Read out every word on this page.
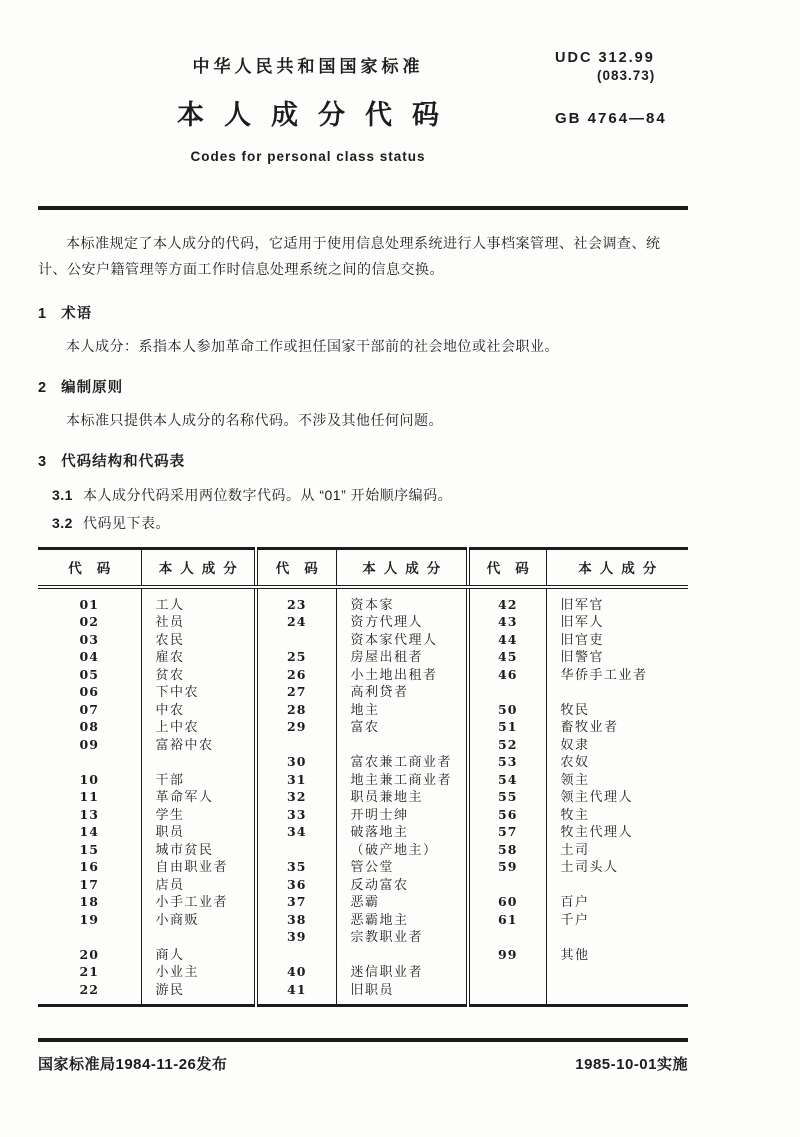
中华人民共和国国家标准
本人成分代码
Codes for personal class status
UDC 312.99
(083.73)
GB 4764—84

本标准规定了本人成分的代码，它适用于使用信息处理系统进行人事档案管理、社会调查、统计、公安户籍管理等方面工作时信息处理系统之间的信息交换。

1 术语

本人成分：系指本人参加革命工作或担任国家干部前的社会地位或社会职业。

2 编制原则

本标准只提供本人成分的名称代码。不涉及其他任何问题。

3 代码结构和代码表
3.1 本人成分代码采用两位数字代码。从 “01” 开始顺序编码。
3.2 代码见下表。
代码	本人成分	代码	本人成分	代码	本人成分
01	工人	23	资本家	42	旧军官
02	社员	24	资方代理人	43	旧军人
03	农民		资本家代理人	44	旧官吏
04	雇农	25	房屋出租者	45	旧警官
05	贫农	26	小土地出租者	46	华侨手工业者
06	下中农	27	高利贷者		
07	中农	28	地主	50	牧民
08	上中农	29	富农	51	畜牧业者
09	富裕中农			52	奴隶
		30	富农兼工商业者	53	农奴
10	干部	31	地主兼工商业者	54	领主
11	革命军人	32	职员兼地主	55	领主代理人
13	学生	33	开明士绅	56	牧主
14	职员	34	破落地主	57	牧主代理人
15	城市贫民		（破产地主）	58	土司
16	自由职业者	35	管公堂	59	土司头人
17	店员	36	反动富农		
18	小手工业者	37	恶霸	60	百户
19	小商贩	38	恶霸地主	61	千户
		39	宗教职业者		
20	商人			99	其他
21	小业主	40	迷信职业者		
22	游民	41	旧职员		
国家标准局1984-11-26发布	1985-10-01实施
